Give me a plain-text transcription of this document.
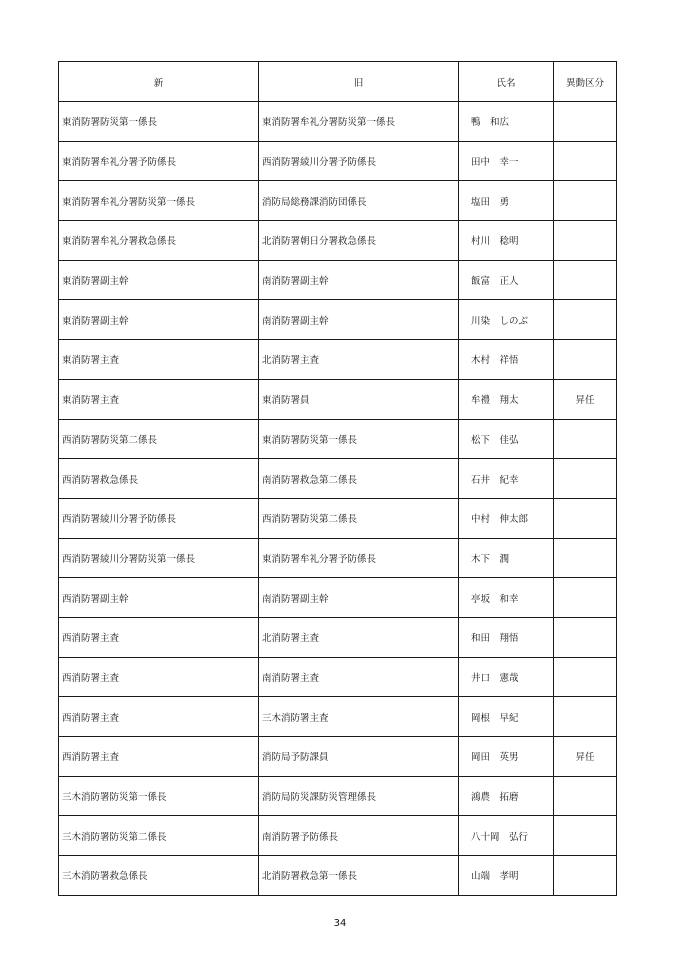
新	旧	氏名	異動区分
東消防署防災第一係長	東消防署牟礼分署防災第一係長	鴨　和広	
東消防署牟礼分署予防係長	西消防署綾川分署予防係長	田中　幸一	
東消防署牟礼分署防災第一係長	消防局総務課消防団係長	塩田　勇	
東消防署牟礼分署救急係長	北消防署朝日分署救急係長	村川　稔明	
東消防署副主幹	南消防署副主幹	飯富　正人	
東消防署副主幹	南消防署副主幹	川染　しのぶ	
東消防署主査	北消防署主査	木村　祥悟	
東消防署主査	東消防署員	牟禮　翔太	昇任
西消防署防災第二係長	東消防署防災第一係長	松下　佳弘	
西消防署救急係長	南消防署救急第二係長	石井　紀幸	
西消防署綾川分署予防係長	西消防署防災第二係長	中村　伸太郎	
西消防署綾川分署防災第一係長	東消防署牟礼分署予防係長	木下　潤	
西消防署副主幹	南消防署副主幹	亭坂　和幸	
西消防署主査	北消防署主査	和田　翔悟	
西消防署主査	南消防署主査	井口　憲哉	
西消防署主査	三木消防署主査	岡根　早紀	
西消防署主査	消防局予防課員	岡田　英男	昇任
三木消防署防災第一係長	消防局防災課防災管理係長	鴻農　拓磨	
三木消防署防災第二係長	南消防署予防係長	八十岡　弘行	
三木消防署救急係長	北消防署救急第一係長	山端　孝明	
34
